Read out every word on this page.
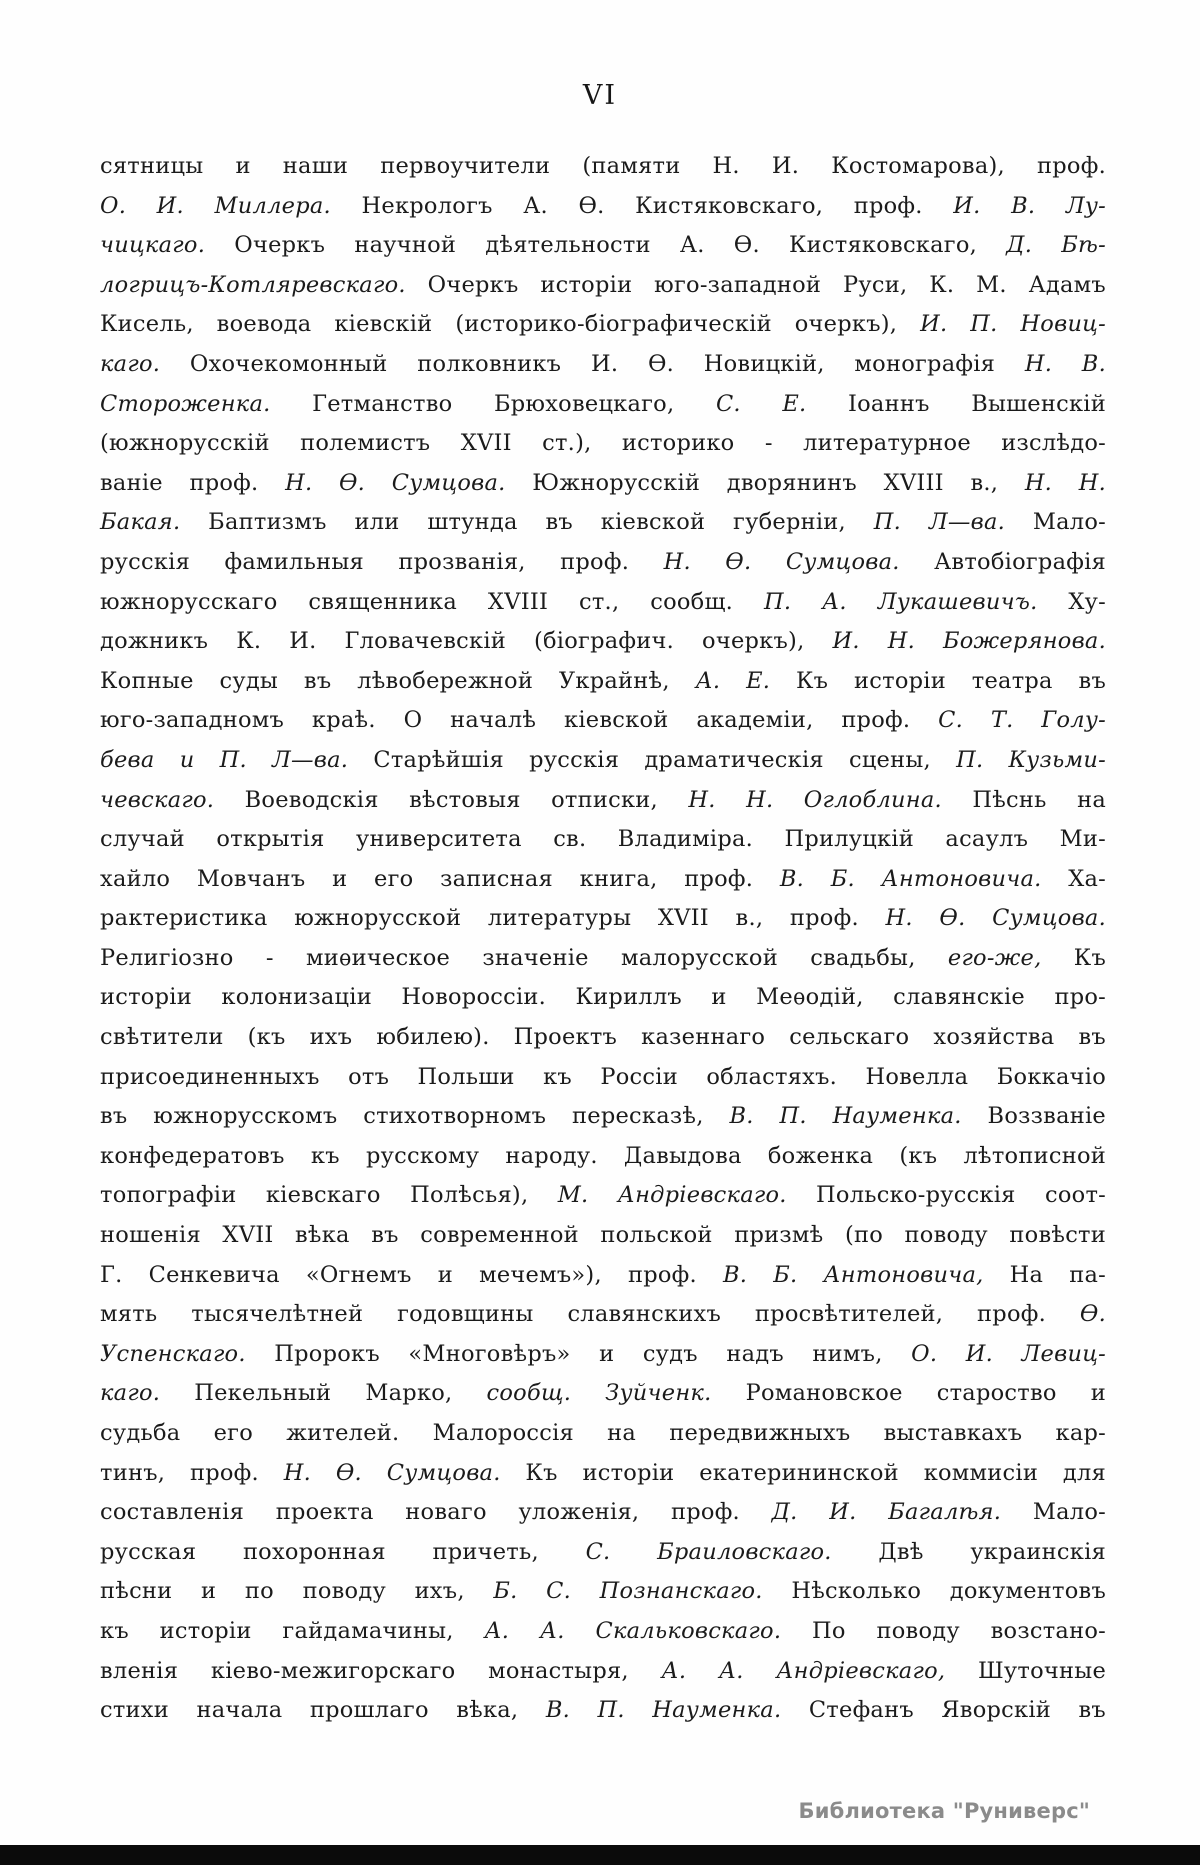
VI
сятницы и наши первоучители (памяти Н. И. Костомарова), проф.
О. И. Миллера. Некрологъ А. Ѳ. Кистяковскаго, проф. И. В. Лу-
чицкаго. Очеркъ научной дѣятельности А. Ѳ. Кистяковскаго, Д. Бѣ-
логрицъ-Котляревскаго. Очеркъ исторіи юго-западной Руси, К. М. Адамъ
Кисель, воевода кіевскій (историко-біографическій очеркъ), И. П. Новиц-
каго. Охочекомонный полковникъ И. Ѳ. Новицкій, монографія Н. В.
Стороженка. Гетманство Брюховецкаго, С. Е. Іоаннъ Вышенскій
(южнорусскій полемистъ XVII ст.), историко - литературное изслѣдо-
ваніе проф. Н. Ѳ. Сумцова. Южнорусскій дворянинъ XVIII в., Н. Н.
Бакая. Баптизмъ или штунда въ кіевской губерніи, П. Л—ва. Мало-
русскія фамильныя прозванія, проф. Н. Ѳ. Сумцова. Автобіографія
южнорусскаго священника XVIII ст., сообщ. П. А. Лукашевичъ. Ху-
дожникъ К. И. Гловачевскій (біографич. очеркъ), И. Н. Божерянова.
Копные суды въ лѣвобережной Украйнѣ, А. Е. Къ исторіи театра въ
юго-западномъ краѣ. О началѣ кіевской академіи, проф. С. Т. Голу-
бева и П. Л—ва. Старѣйшія русскія драматическія сцены, П. Кузьми-
чевскаго. Воеводскія вѣстовыя отписки, Н. Н. Оглоблина. Пѣснь на
случай открытія университета св. Владиміра. Прилуцкій асаулъ Ми-
хайло Мовчанъ и его записная книга, проф. В. Б. Антоновича. Ха-
рактеристика южнорусской литературы XVII в., проф. Н. Ѳ. Сумцова.
Религіозно - миѳическое значеніе малорусской свадьбы, его-же, Къ
исторіи колонизаціи Новороссіи. Кириллъ и Меѳодій, славянскіе про-
свѣтители (къ ихъ юбилею). Проектъ казеннаго сельскаго хозяйства въ
присоединенныхъ отъ Польши къ Россіи областяхъ. Новелла Боккачіо
въ южнорусскомъ стихотворномъ пересказѣ, В. П. Науменка. Воззваніе
конфедератовъ къ русскому народу. Давыдова боженка (къ лѣтописной
топографіи кіевскаго Полѣсья), М. Андріевскаго. Польско-русскія соот-
ношенія XVII вѣка въ современной польской призмѣ (по поводу повѣсти
Г. Сенкевича «Огнемъ и мечемъ»), проф. В. Б. Антоновича, На па-
мять тысячелѣтней годовщины славянскихъ просвѣтителей, проф. Ѳ.
Успенскаго. Пророкъ «Многовѣръ» и судъ надъ нимъ, О. И. Левиц-
каго. Пекельный Марко, сообщ. Зуйченк. Романовское староство и
судьба его жителей. Малороссія на передвижныхъ выставкахъ кар-
тинъ, проф. Н. Ѳ. Сумцова. Къ исторіи екатерининской коммисіи для
составленія проекта новаго уложенія, проф. Д. И. Багалѣя. Мало-
русская похоронная причеть, С. Браиловскаго. Двѣ украинскія
пѣсни и по поводу ихъ, Б. С. Познанскаго. Нѣсколько документовъ
къ исторіи гайдамачины, А. А. Скальковскаго. По поводу возстано-
вленія кіево-межигорскаго монастыря, А. А. Андріевскаго, Шуточные
стихи начала прошлаго вѣка, В. П. Науменка. Стефанъ Яворскій въ
Библиотека "Руниверс"
